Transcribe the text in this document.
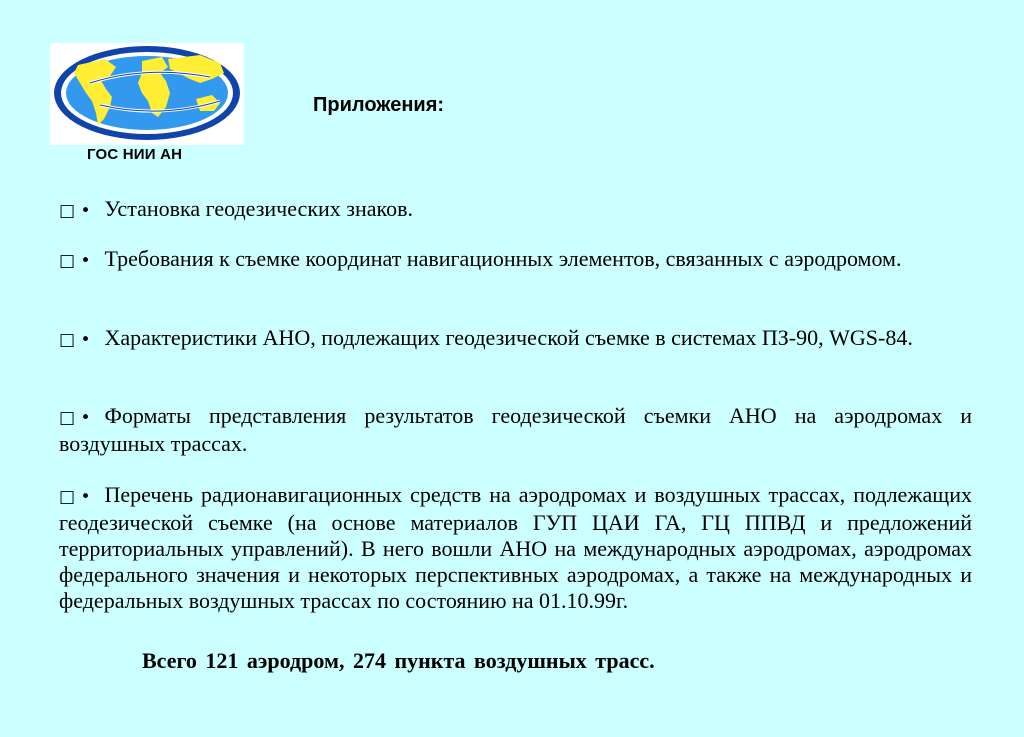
ГОС НИИ АН
Приложения:
□ • Установка геодезических знаков.
□ • Требования к съемке координат навигационных элементов, связанных с аэродромом.
□ • Характеристики АНО, подлежащих геодезической съемке в системах ПЗ-90, WGS-84.
□ • Форматы представления результатов геодезической съемки АНО на аэродромах и воздушных трассах.
□ • Перечень радионавигационных средств на аэродромах и воздушных трассах, подлежащих геодезической съемке (на основе материалов ГУП ЦАИ ГА, ГЦ ППВД и предложений территориальных управлений). В него вошли АНО на международных аэродромах, аэродромах федерального значения и некоторых перспективных аэродромах, а также на международных и федеральных воздушных трассах по состоянию на 01.10.99г.
Всего 121 аэродром, 274 пункта воздушных трасс.
